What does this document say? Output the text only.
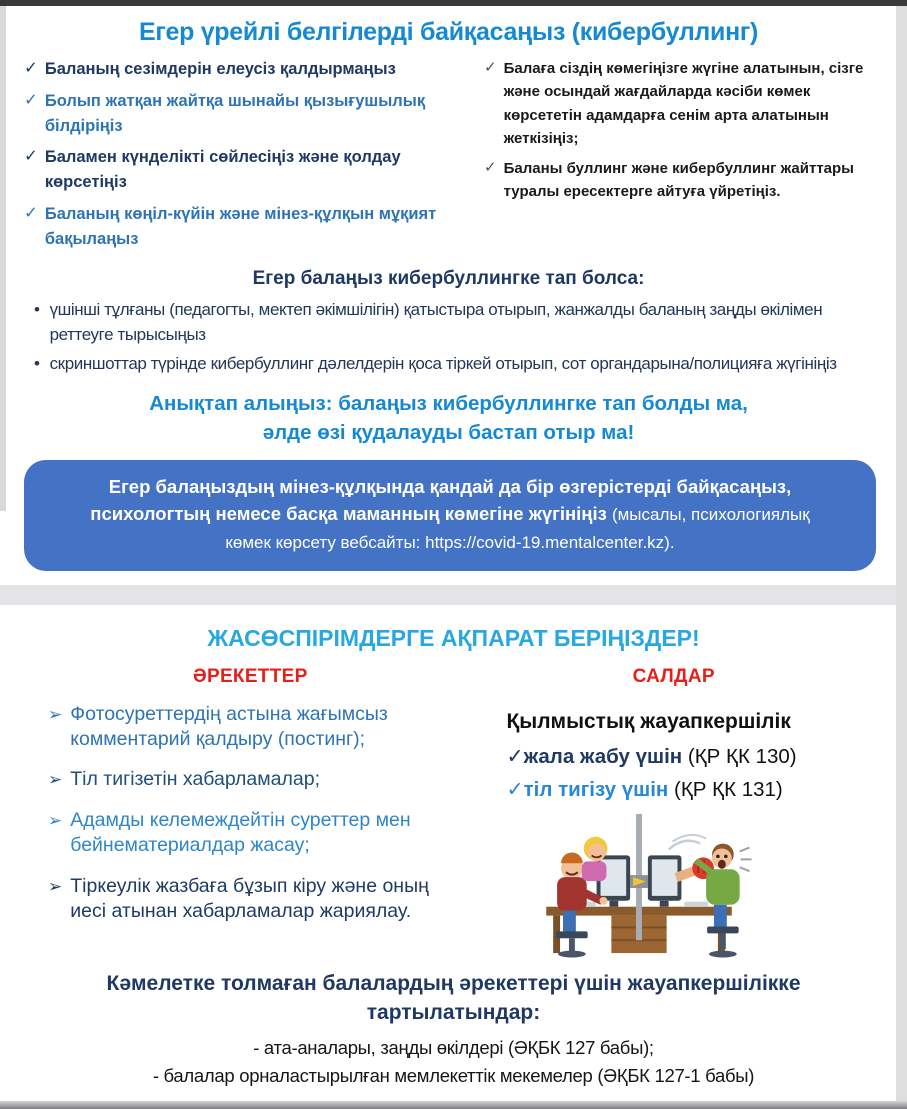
Егер үрейлі белгілерді байқасаңыз (кибербуллинг)
✓ Баланың сезімдерін елеусіз қалдырмаңыз
✓ Болып жатқан жайтқа шынайы қызығушылық білдіріңіз
✓ Баламен күнделікті сөйлесіңіз және қолдау көрсетіңіз
✓ Баланың көңіл-күйін және мінез-құлқын мұқият бақылаңыз
✓ Балаға сіздің көмегіңізге жүгіне алатынын, сізге және осындай жағдайларда кәсіби көмек көрсететін адамдарға сенім арта алатынын жеткізіңіз;
✓ Баланы буллинг және кибербуллинг жайттары туралы ересектерге айтуға үйретіңіз.
Егер балаңыз кибербуллингке тап болса:
• үшінші тұлғаны (педагогты, мектеп әкімшілігін) қатыстыра отырып, жанжалды баланың заңды өкілімен реттеуге тырысыңыз
• скриншоттар түрінде кибербуллинг дәлелдерін қоса тіркей отырып, сот органдарына/полицияға жүгініңіз
Анықтап алыңыз: балаңыз кибербуллингке тап болды ма,
әлде өзі қудалауды бастап отыр ма!
Егер балаңыздың мінез-құлқында қандай да бір өзгерістерді байқасаңыз, психологтың немесе басқа маманның көмегіне жүгініңіз (мысалы, психологиялық көмек көрсету вебсайты: https://covid-19.mentalcenter.kz).
ЖАСӨСПІРІМДЕРГЕ АҚПАРАТ БЕРІҢІЗДЕР!
ӘРЕКЕТТЕР	САЛДАР
➢ Фотосуреттердің астына жағымсыз комментарий қалдыру (постинг);
➢ Тіл тигізетін хабарламалар;
➢ Адамды келемеждейтін суреттер мен бейнематериалдар жасау;
➢ Тіркеулік жазбаға бұзып кіру және оның иесі атынан хабарламалар жариялау.
Қылмыстық жауапкершілік
✓жала жабу үшін (ҚР ҚК 130)
✓тіл тигізу үшін (ҚР ҚК 131)
Кәмелетке толмаған балалардың әрекеттері үшін жауапкершілікке тартылатындар:
- ата-аналары, заңды өкілдері (ӘҚБК 127 бабы);
- балалар орналастырылған мемлекеттік мекемелер (ӘҚБК 127-1 бабы)
